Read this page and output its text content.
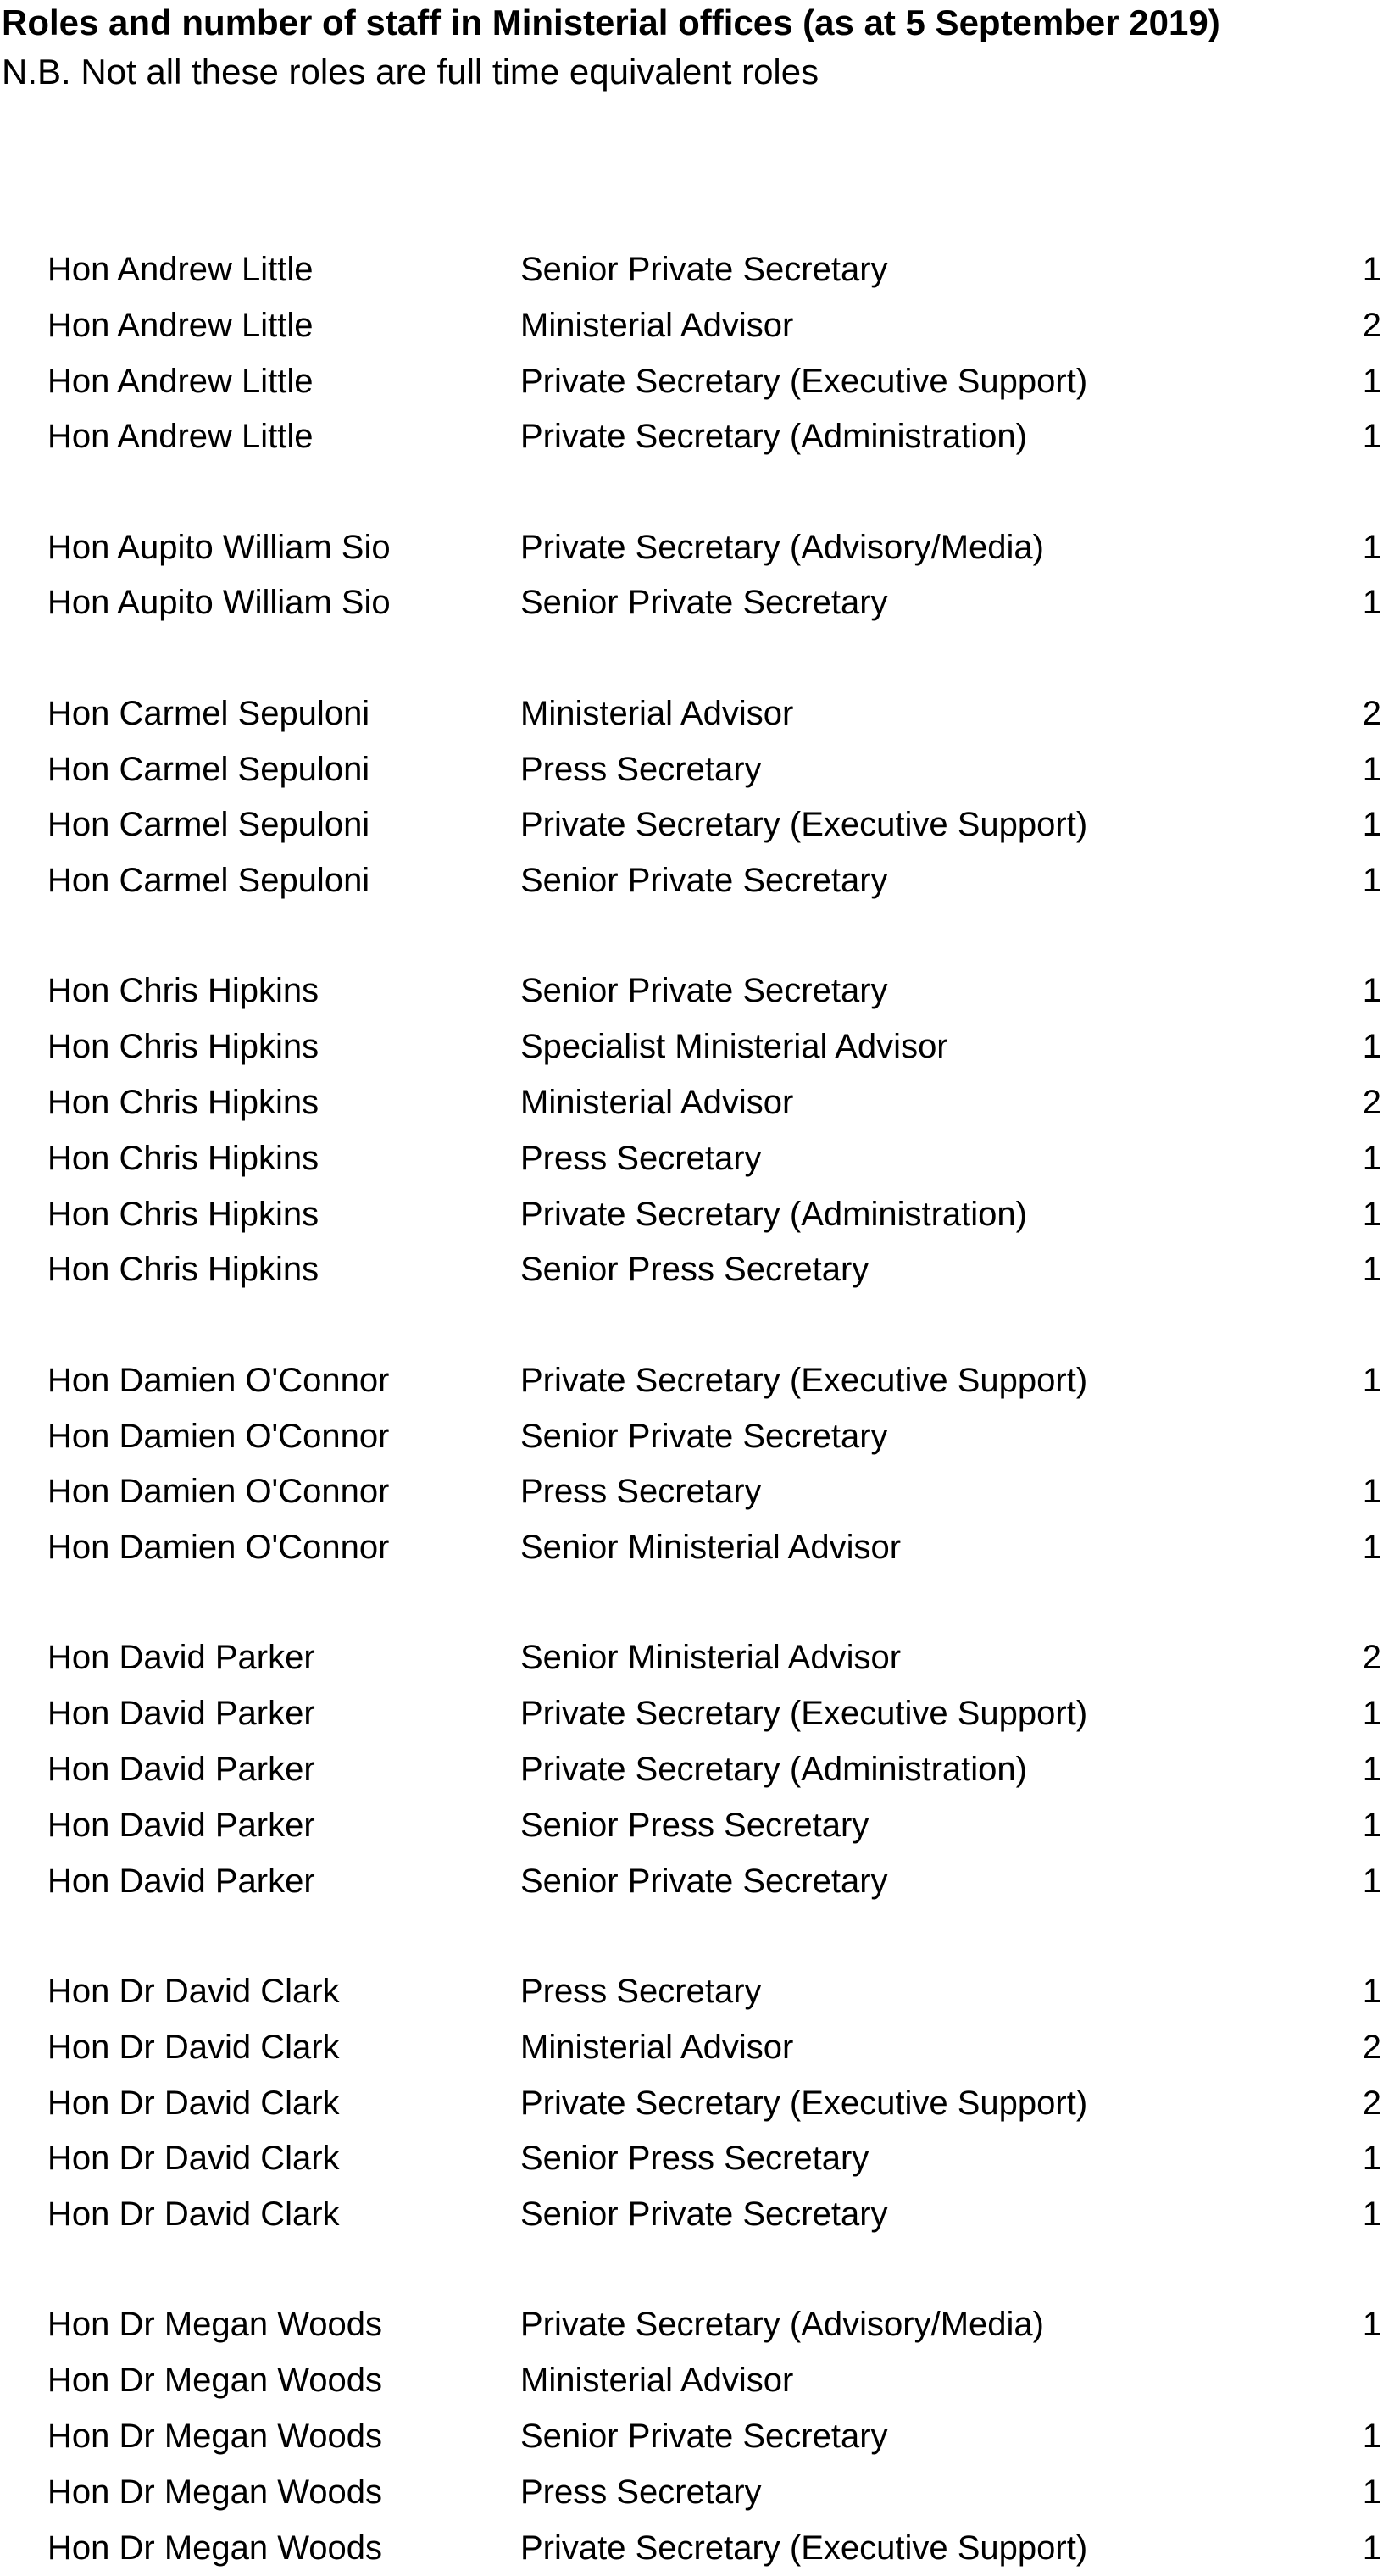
Roles and number of staff in Ministerial offices (as at 5 September 2019)
N.B. Not all these roles are full time equivalent roles
Hon Andrew Little	Senior Private Secretary	1
Hon Andrew Little	Ministerial Advisor	2
Hon Andrew Little	Private Secretary (Executive Support)	1
Hon Andrew Little	Private Secretary (Administration)	1
Hon Aupito William Sio	Private Secretary (Advisory/Media)	1
Hon Aupito William Sio	Senior Private Secretary	1
Hon Carmel Sepuloni	Ministerial Advisor	2
Hon Carmel Sepuloni	Press Secretary	1
Hon Carmel Sepuloni	Private Secretary (Executive Support)	1
Hon Carmel Sepuloni	Senior Private Secretary	1
Hon Chris Hipkins	Senior Private Secretary	1
Hon Chris Hipkins	Specialist Ministerial Advisor	1
Hon Chris Hipkins	Ministerial Advisor	2
Hon Chris Hipkins	Press Secretary	1
Hon Chris Hipkins	Private Secretary (Administration)	1
Hon Chris Hipkins	Senior Press Secretary	1
Hon Damien O'Connor	Private Secretary (Executive Support)	1
Hon Damien O'Connor	Senior Private Secretary
Hon Damien O'Connor	Press Secretary	1
Hon Damien O'Connor	Senior Ministerial Advisor	1
Hon David Parker	Senior Ministerial Advisor	2
Hon David Parker	Private Secretary (Executive Support)	1
Hon David Parker	Private Secretary (Administration)	1
Hon David Parker	Senior Press Secretary	1
Hon David Parker	Senior Private Secretary	1
Hon Dr David Clark	Press Secretary	1
Hon Dr David Clark	Ministerial Advisor	2
Hon Dr David Clark	Private Secretary (Executive Support)	2
Hon Dr David Clark	Senior Press Secretary	1
Hon Dr David Clark	Senior Private Secretary	1
Hon Dr Megan Woods	Private Secretary (Advisory/Media)	1
Hon Dr Megan Woods	Ministerial Advisor
Hon Dr Megan Woods	Senior Private Secretary	1
Hon Dr Megan Woods	Press Secretary	1
Hon Dr Megan Woods	Private Secretary (Executive Support)	1
